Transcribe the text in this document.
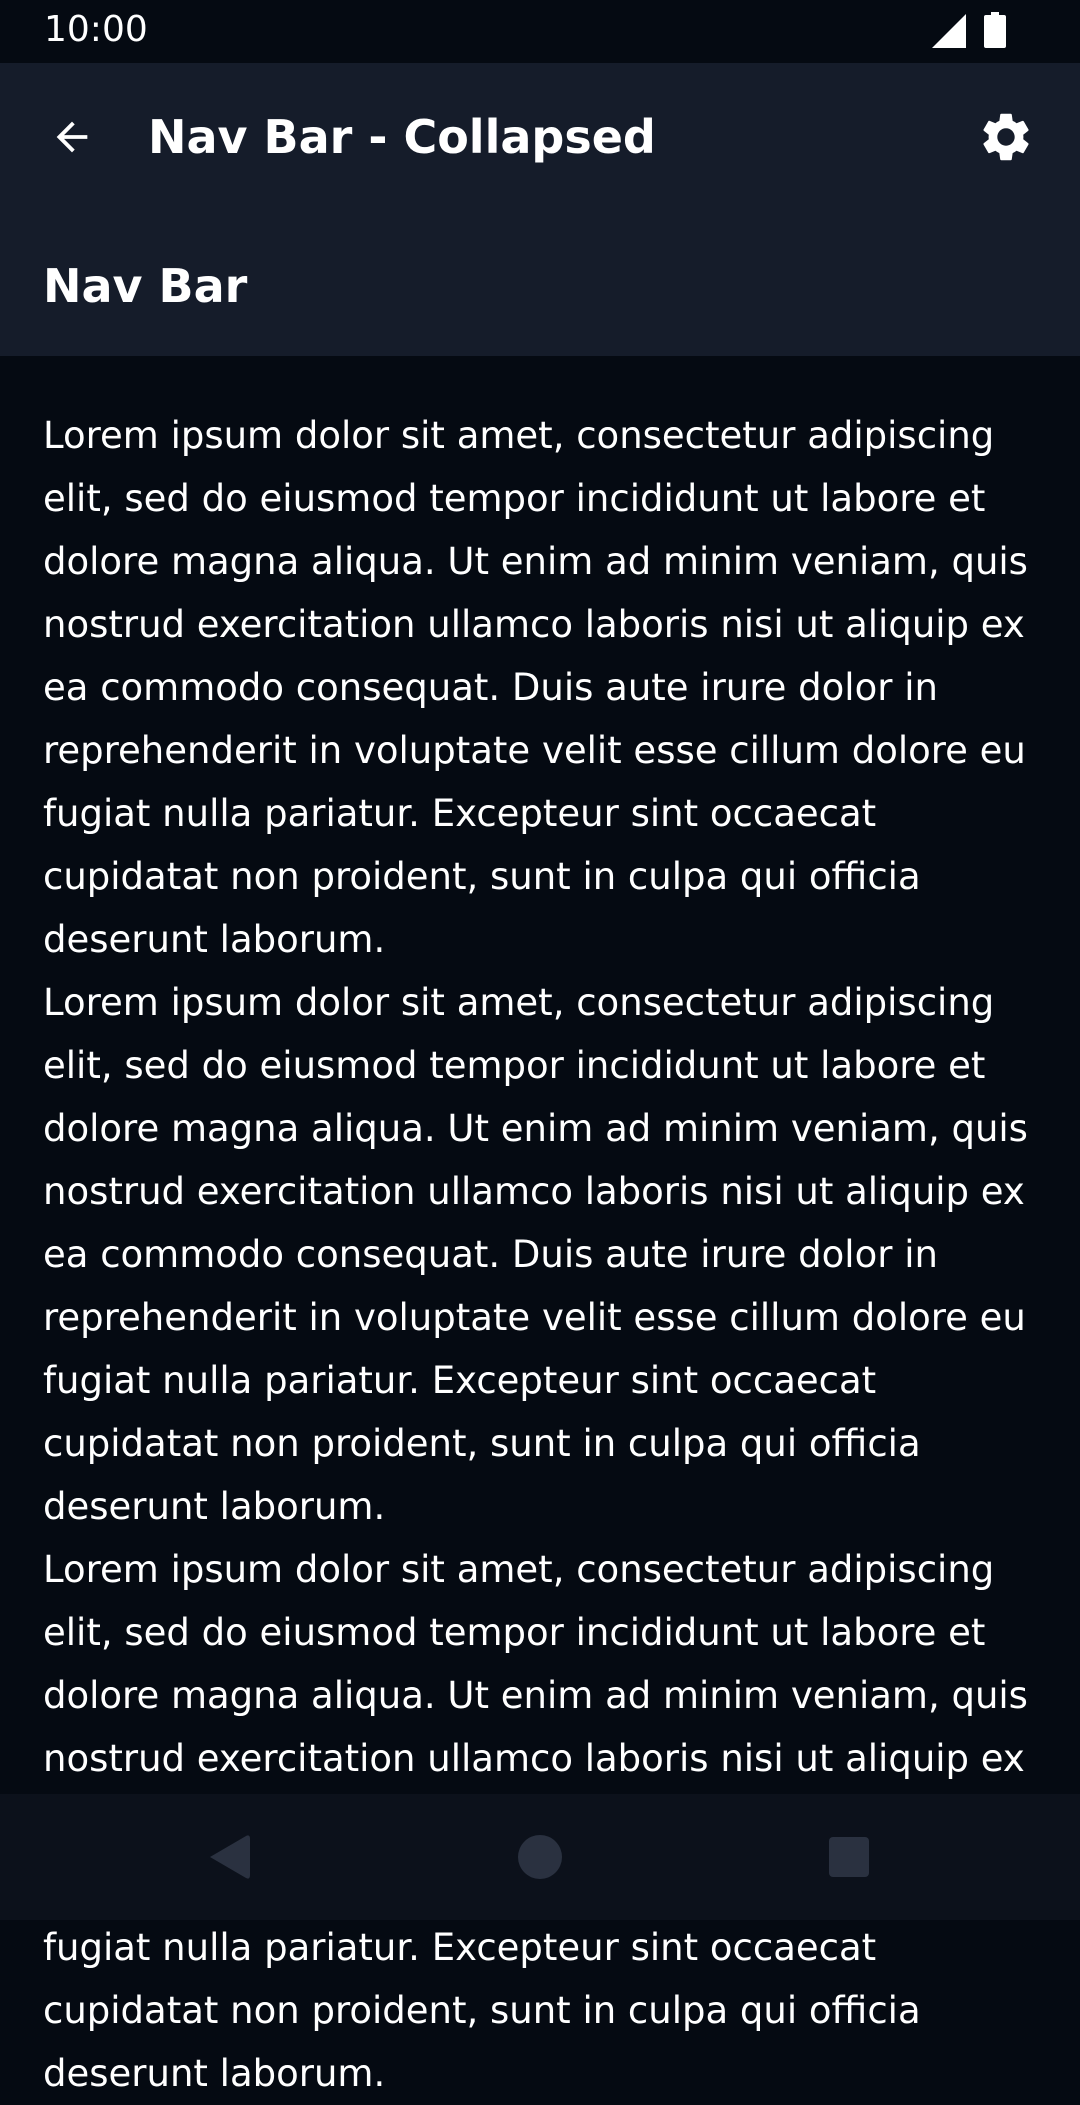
10:00
Nav Bar - Collapsed
Nav Bar

Lorem ipsum dolor sit amet, consectetur adipiscing elit, sed do eiusmod tempor incididunt ut labore et dolore magna aliqua. Ut enim ad minim veniam, quis nostrud exercitation ullamco laboris nisi ut aliquip ex ea commodo consequat. Duis aute irure dolor in reprehenderit in voluptate velit esse cillum dolore eu fugiat nulla pariatur. Excepteur sint occaecat cupidatat non proident, sunt in culpa qui officia deserunt laborum.

Lorem ipsum dolor sit amet, consectetur adipiscing elit, sed do eiusmod tempor incididunt ut labore et dolore magna aliqua. Ut enim ad minim veniam, quis nostrud exercitation ullamco laboris nisi ut aliquip ex ea commodo consequat. Duis aute irure dolor in reprehenderit in voluptate velit esse cillum dolore eu fugiat nulla pariatur. Excepteur sint occaecat cupidatat non proident, sunt in culpa qui officia deserunt laborum.

Lorem ipsum dolor sit amet, consectetur adipiscing elit, sed do eiusmod tempor incididunt ut labore et dolore magna aliqua. Ut enim ad minim veniam, quis nostrud exercitation ullamco laboris nisi ut aliquip ex fugiat nulla pariatur. Excepteur sint occaecat cupidatat non proident, sunt in culpa qui officia deserunt laborum.
